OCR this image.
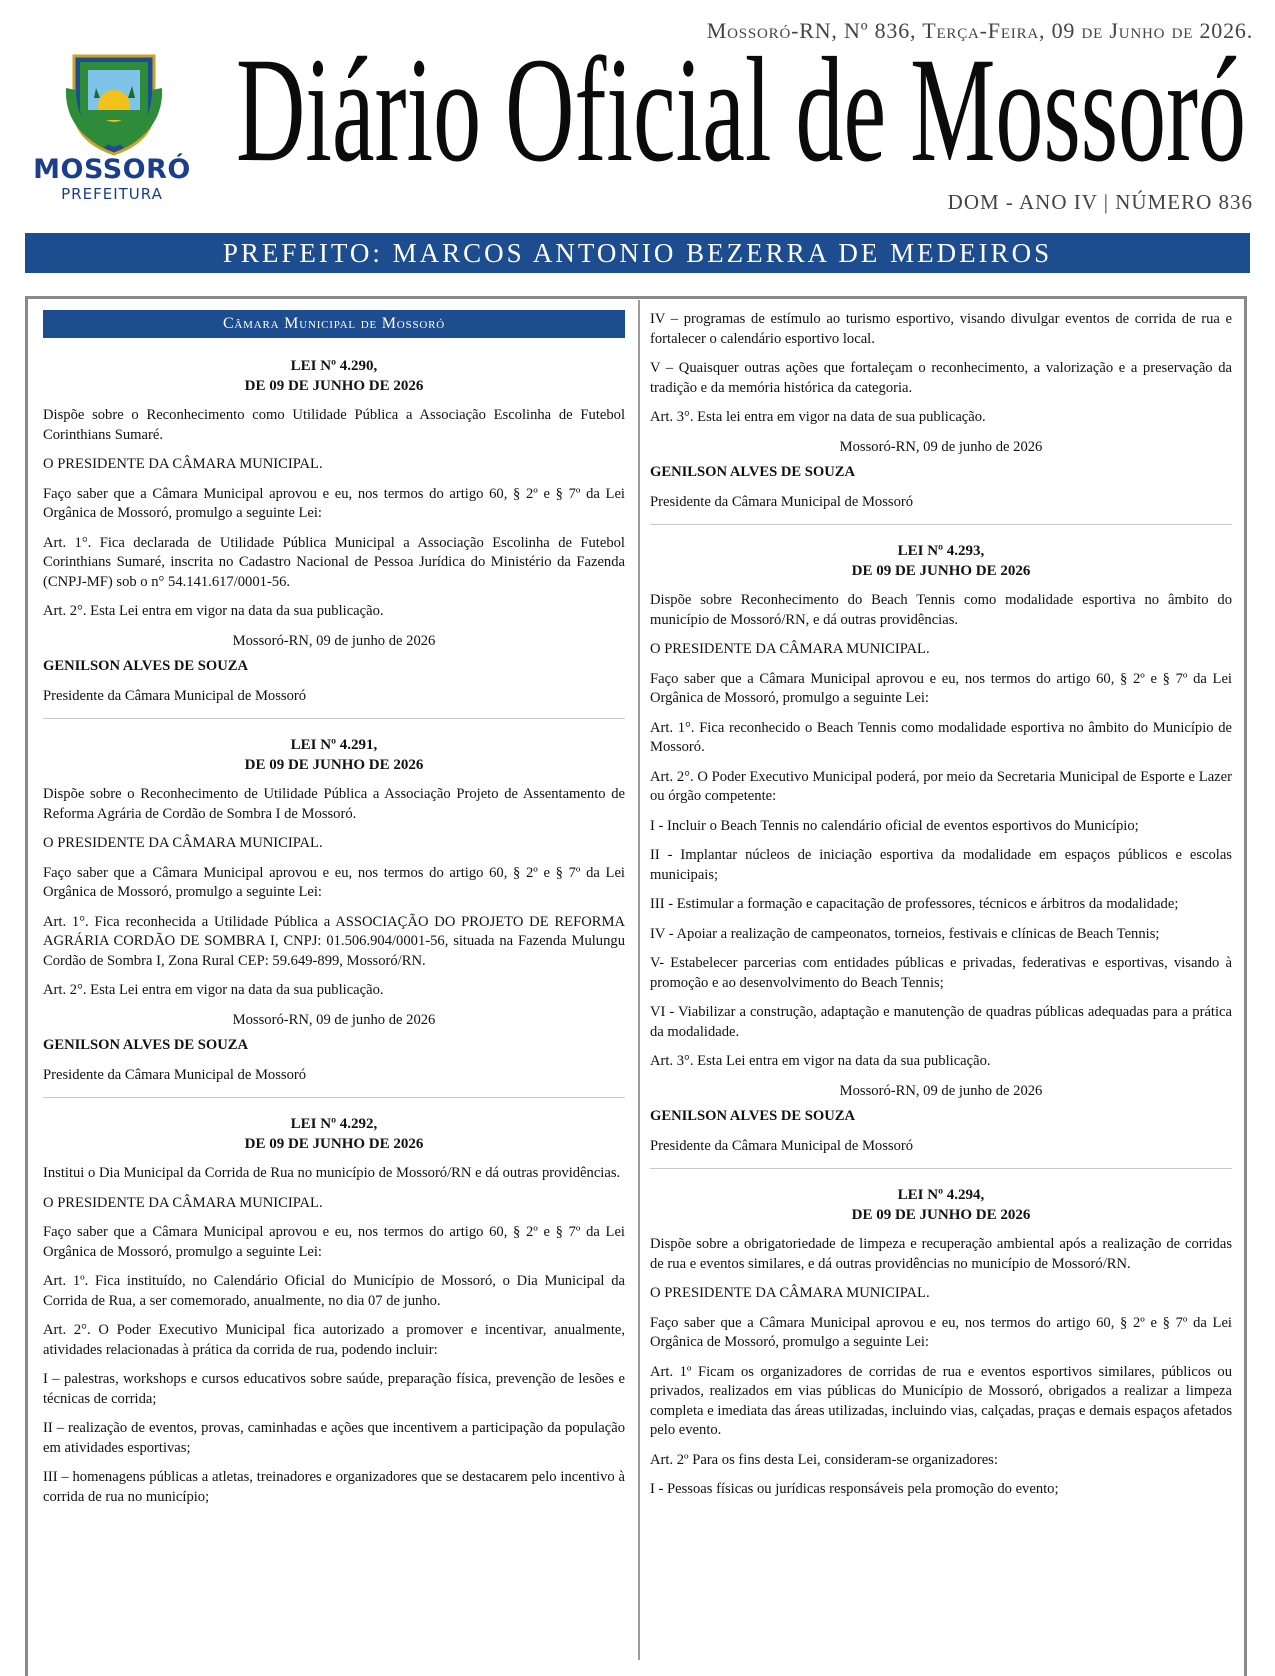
MOSSORÓ
PREFEITURA
Mossoró-RN, Nº 836, Terça-Feira, 09 de Junho de 2026.
Diário Oficial de Mossoró
DOM - ANO IV | NÚMERO 836
PREFEITO: MARCOS ANTONIO BEZERRA DE MEDEIROS
Câmara Municipal de Mossoró
LEI Nº 4.290,
DE 09 DE JUNHO DE 2026

Dispõe sobre o Reconhecimento como Utilidade Pública a Associação Escolinha de Futebol Corinthians Sumaré.

O PRESIDENTE DA CÂMARA MUNICIPAL.

Faço saber que a Câmara Municipal aprovou e eu, nos termos do artigo 60, § 2º e § 7º da Lei Orgânica de Mossoró, promulgo a seguinte Lei:

Art. 1°. Fica declarada de Utilidade Pública Municipal a Associação Escolinha de Futebol Corinthians Sumaré, inscrita no Cadastro Nacional de Pessoa Jurídica do Ministério da Fazenda (CNPJ-MF) sob o n° 54.141.617/0001-56.

Art. 2°. Esta Lei entra em vigor na data da sua publicação.

Mossoró-RN, 09 de junho de 2026

GENILSON ALVES DE SOUZA

Presidente da Câmara Municipal de Mossoró

LEI Nº 4.291,
DE 09 DE JUNHO DE 2026

Dispõe sobre o Reconhecimento de Utilidade Pública a Associação Projeto de Assentamento de Reforma Agrária de Cordão de Sombra I de Mossoró.

O PRESIDENTE DA CÂMARA MUNICIPAL.

Faço saber que a Câmara Municipal aprovou e eu, nos termos do artigo 60, § 2º e § 7º da Lei Orgânica de Mossoró, promulgo a seguinte Lei:

Art. 1°. Fica reconhecida a Utilidade Pública a ASSOCIAÇÃO DO PROJETO DE REFORMA AGRÁRIA CORDÃO DE SOMBRA I, CNPJ: 01.506.904/0001-56, situada na Fazenda Mulungu Cordão de Sombra I, Zona Rural CEP: 59.649-899, Mossoró/RN.

Art. 2°. Esta Lei entra em vigor na data da sua publicação.

Mossoró-RN, 09 de junho de 2026

GENILSON ALVES DE SOUZA

Presidente da Câmara Municipal de Mossoró

LEI Nº 4.292,
DE 09 DE JUNHO DE 2026

Institui o Dia Municipal da Corrida de Rua no município de Mossoró/RN e dá outras providências.

O PRESIDENTE DA CÂMARA MUNICIPAL.

Faço saber que a Câmara Municipal aprovou e eu, nos termos do artigo 60, § 2º e § 7º da Lei Orgânica de Mossoró, promulgo a seguinte Lei:

Art. 1º. Fica instituído, no Calendário Oficial do Município de Mossoró, o Dia Municipal da Corrida de Rua, a ser comemorado, anualmente, no dia 07 de junho.

Art. 2°. O Poder Executivo Municipal fica autorizado a promover e incentivar, anualmente, atividades relacionadas à prática da corrida de rua, podendo incluir:

I – palestras, workshops e cursos educativos sobre saúde, preparação física, prevenção de lesões e técnicas de corrida;

II – realização de eventos, provas, caminhadas e ações que incentivem a participação da população em atividades esportivas;

III – homenagens públicas a atletas, treinadores e organizadores que se destacarem pelo incentivo à corrida de rua no município;

IV – programas de estímulo ao turismo esportivo, visando divulgar eventos de corrida de rua e fortalecer o calendário esportivo local.

V – Quaisquer outras ações que fortaleçam o reconhecimento, a valorização e a preservação da tradição e da memória histórica da categoria.

Art. 3°. Esta lei entra em vigor na data de sua publicação.

Mossoró-RN, 09 de junho de 2026

GENILSON ALVES DE SOUZA

Presidente da Câmara Municipal de Mossoró

LEI Nº 4.293,
DE 09 DE JUNHO DE 2026

Dispõe sobre Reconhecimento do Beach Tennis como modalidade esportiva no âmbito do município de Mossoró/RN, e dá outras providências.

O PRESIDENTE DA CÂMARA MUNICIPAL.

Faço saber que a Câmara Municipal aprovou e eu, nos termos do artigo 60, § 2º e § 7º da Lei Orgânica de Mossoró, promulgo a seguinte Lei:

Art. 1°. Fica reconhecido o Beach Tennis como modalidade esportiva no âmbito do Município de Mossoró.

Art. 2°. O Poder Executivo Municipal poderá, por meio da Secretaria Municipal de Esporte e Lazer ou órgão competente:

I - Incluir o Beach Tennis no calendário oficial de eventos esportivos do Município;

II - Implantar núcleos de iniciação esportiva da modalidade em espaços públicos e escolas municipais;

III - Estimular a formação e capacitação de professores, técnicos e árbitros da modalidade;

IV - Apoiar a realização de campeonatos, torneios, festivais e clínicas de Beach Tennis;

V- Estabelecer parcerias com entidades públicas e privadas, federativas e esportivas, visando à promoção e ao desenvolvimento do Beach Tennis;

VI - Viabilizar a construção, adaptação e manutenção de quadras públicas adequadas para a prática da modalidade.

Art. 3°. Esta Lei entra em vigor na data da sua publicação.

Mossoró-RN, 09 de junho de 2026

GENILSON ALVES DE SOUZA

Presidente da Câmara Municipal de Mossoró

LEI Nº 4.294,
DE 09 DE JUNHO DE 2026

Dispõe sobre a obrigatoriedade de limpeza e recuperação ambiental após a realização de corridas de rua e eventos similares, e dá outras providências no município de Mossoró/RN.

O PRESIDENTE DA CÂMARA MUNICIPAL.

Faço saber que a Câmara Municipal aprovou e eu, nos termos do artigo 60, § 2º e § 7º da Lei Orgânica de Mossoró, promulgo a seguinte Lei:

Art. 1º Ficam os organizadores de corridas de rua e eventos esportivos similares, públicos ou privados, realizados em vias públicas do Município de Mossoró, obrigados a realizar a limpeza completa e imediata das áreas utilizadas, incluindo vias, calçadas, praças e demais espaços afetados pelo evento.

Art. 2º Para os fins desta Lei, consideram-se organizadores:

I - Pessoas físicas ou jurídicas responsáveis pela promoção do evento;
